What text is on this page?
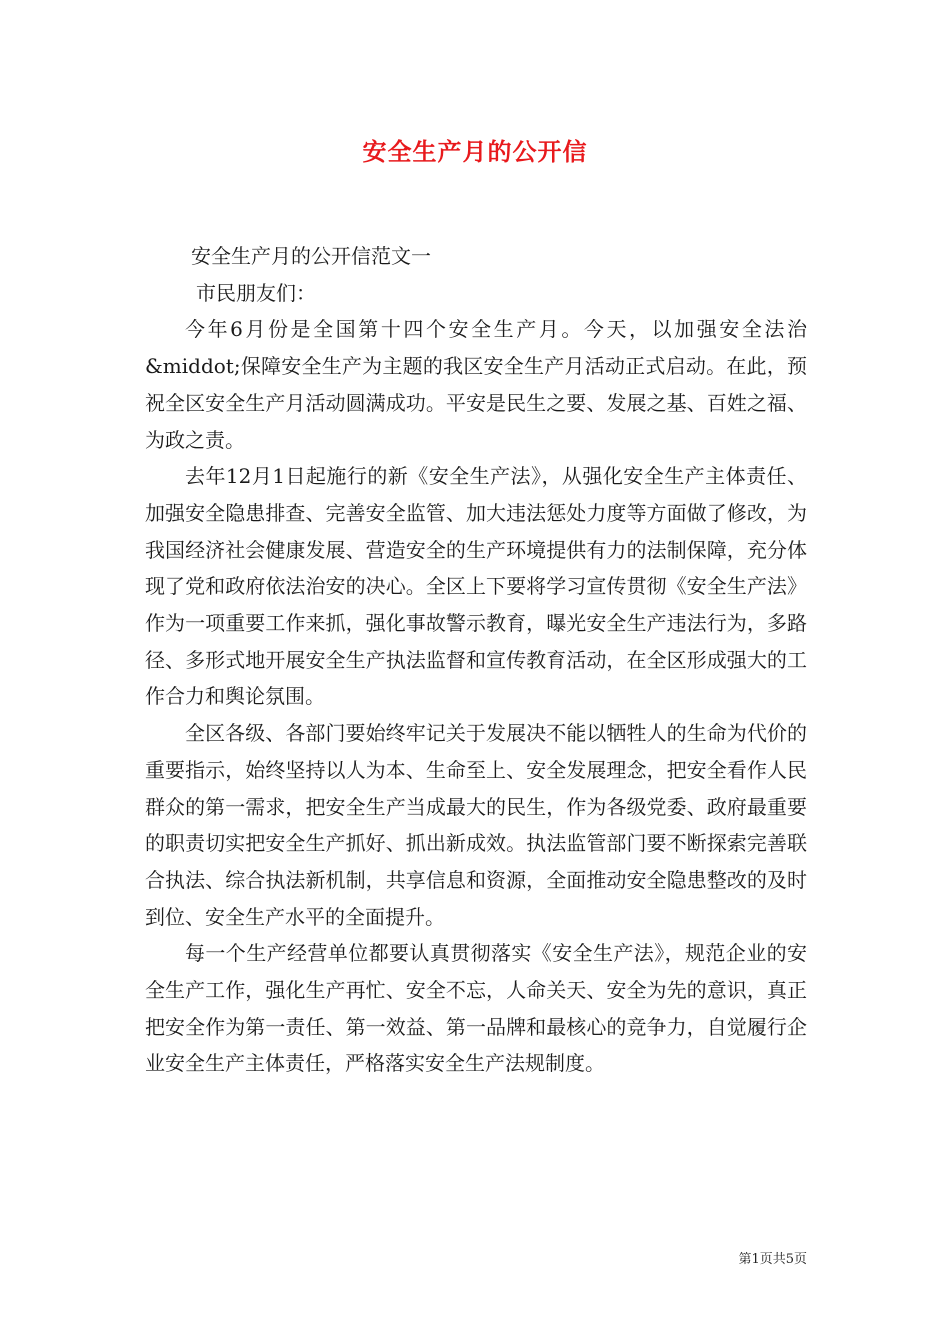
安全生产月的公开信

安全生产月的公开信范文一

市民朋友们：

今年6月份是全国第十四个安全生产月。今天，以加强安全法治&middot;保障安全生产为主题的我区安全生产月活动正式启动。在此，预祝全区安全生产月活动圆满成功。平安是民生之要、发展之基、百姓之福、为政之责。

去年12月1日起施行的新《安全生产法》，从强化安全生产主体责任、加强安全隐患排查、完善安全监管、加大违法惩处力度等方面做了修改，为我国经济社会健康发展、营造安全的生产环境提供有力的法制保障，充分体现了党和政府依法治安的决心。全区上下要将学习宣传贯彻《安全生产法》作为一项重要工作来抓，强化事故警示教育，曝光安全生产违法行为，多路径、多形式地开展安全生产执法监督和宣传教育活动，在全区形成强大的工作合力和舆论氛围。

全区各级、各部门要始终牢记关于发展决不能以牺牲人的生命为代价的重要指示，始终坚持以人为本、生命至上、安全发展理念，把安全看作人民群众的第一需求，把安全生产当成最大的民生，作为各级党委、政府最重要的职责切实把安全生产抓好、抓出新成效。执法监管部门要不断探索完善联合执法、综合执法新机制，共享信息和资源，全面推动安全隐患整改的及时到位、安全生产水平的全面提升。

每一个生产经营单位都要认真贯彻落实《安全生产法》，规范企业的安全生产工作，强化生产再忙、安全不忘，人命关天、安全为先的意识，真正把安全作为第一责任、第一效益、第一品牌和最核心的竞争力，自觉履行企业安全生产主体责任，严格落实安全生产法规制度。

第1页共5页
